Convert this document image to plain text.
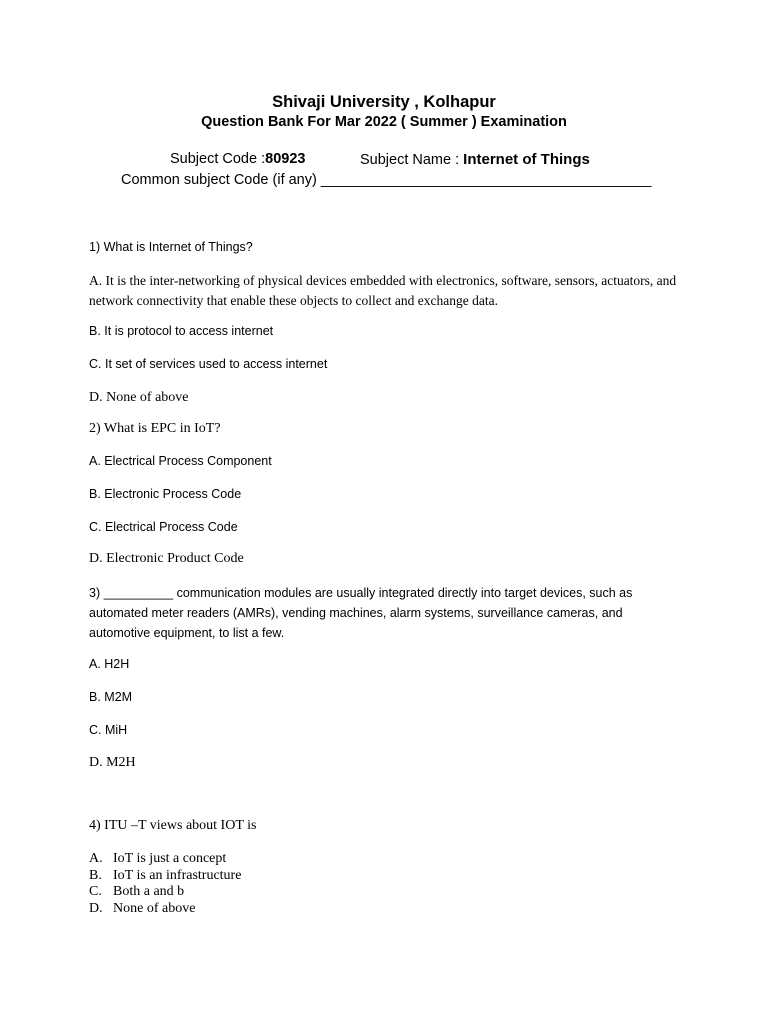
Shivaji University , Kolhapur
Question Bank For Mar 2022 ( Summer ) Examination
Subject Code :80923	Subject Name : Internet of Things
Common subject Code (if any) _________________________________________
1) What is Internet of Things?
A. It is the inter-networking of physical devices embedded with electronics, software, sensors, actuators, and network connectivity that enable these objects to collect and exchange data.
B. It is protocol to access internet
C. It set of services used to access internet
D. None of above
2) What is EPC in IoT?
A. Electrical Process Component
B. Electronic Process Code
C. Electrical Process Code
D. Electronic Product Code
3) __________ communication modules are usually integrated directly into target devices, such as automated meter readers (AMRs), vending machines, alarm systems, surveillance cameras, and automotive equipment, to list a few.
A. H2H
B. M2M
C. MiH
D. M2H
4) ITU –T views about IOT is
A. IoT is just a concept
B. IoT is an infrastructure
C. Both a and b
D. None of above
